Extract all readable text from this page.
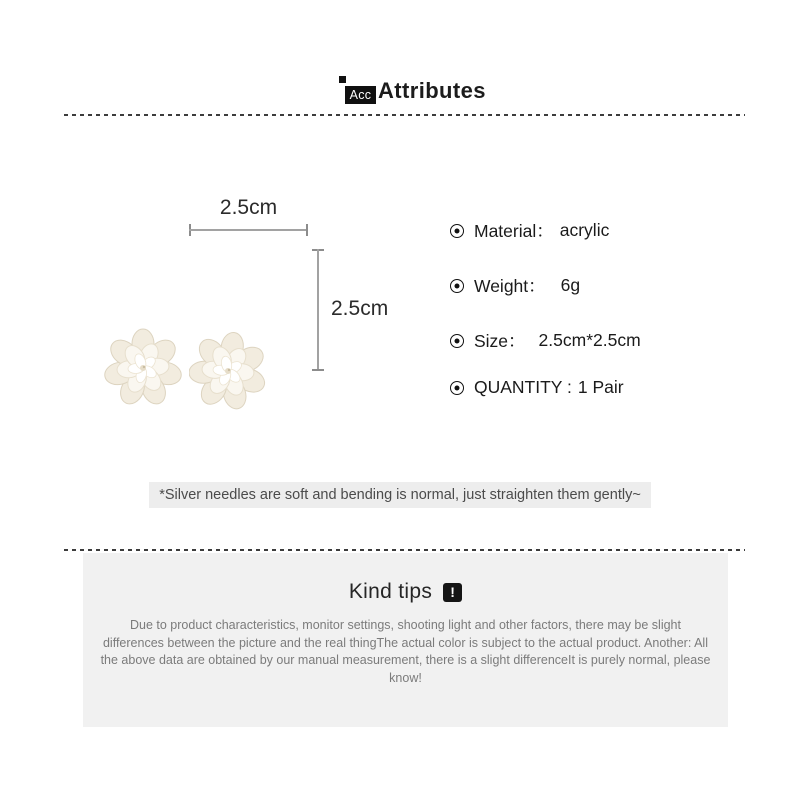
Acc Attributes
2.5cm
2.5cm
Material： acrylic
Weight： 6g
Size： 2.5cm*2.5cm
QUANTITY : 1 Pair
*Silver needles are soft and bending is normal, just straighten them gently~
Kind tips	!
Due to product characteristics, monitor settings, shooting light and other factors, there may be slight differences between the picture and the real thingThe actual color is subject to the actual product. Another: All the above data are obtained by our manual measurement, there is a slight differenceIt is purely normal, please know!
